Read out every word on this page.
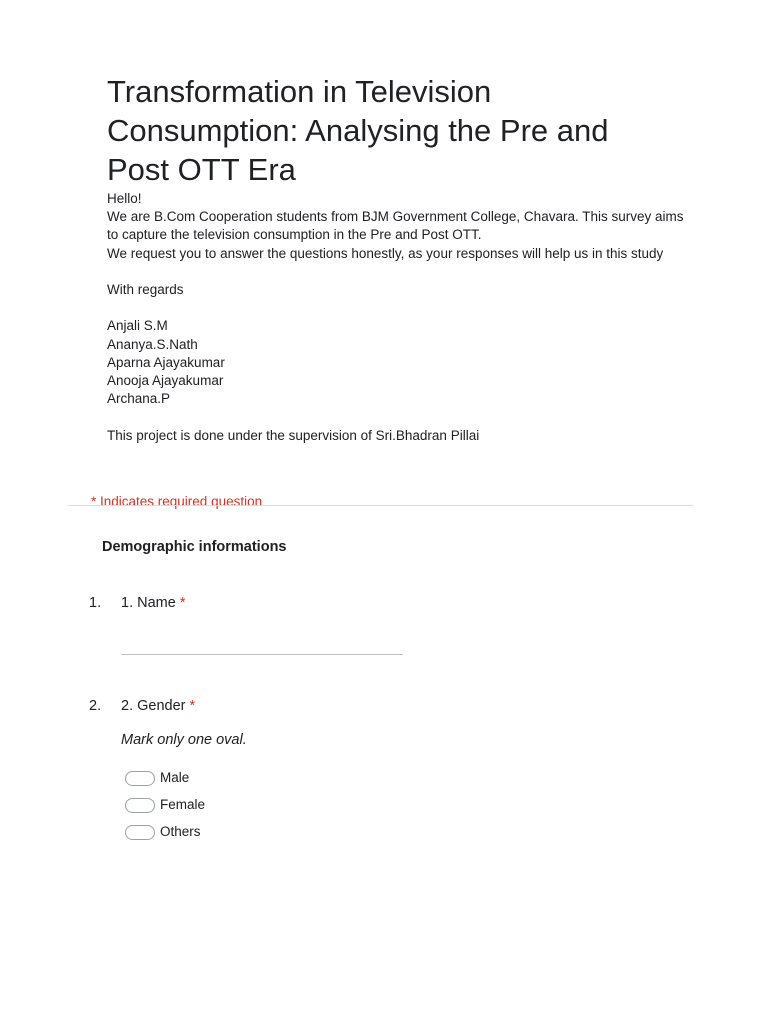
Transformation in Television Consumption: Analysing the Pre and Post OTT Era

Hello!

We are B.Com Cooperation students from BJM Government College, Chavara. This survey aims to capture the television consumption in the Pre and Post OTT.

We request you to answer the questions honestly, as your responses will help us in this study

With regards

Anjali S.M

Ananya.S.Nath

Aparna Ajayakumar

Anooja Ajayakumar

Archana.P

This project is done under the supervision of Sri.Bhadran Pillai

* Indicates required question
Demographic informations
1. 1. Name *
2. 2. Gender *
Mark only one oval.
Male
Female
Others
